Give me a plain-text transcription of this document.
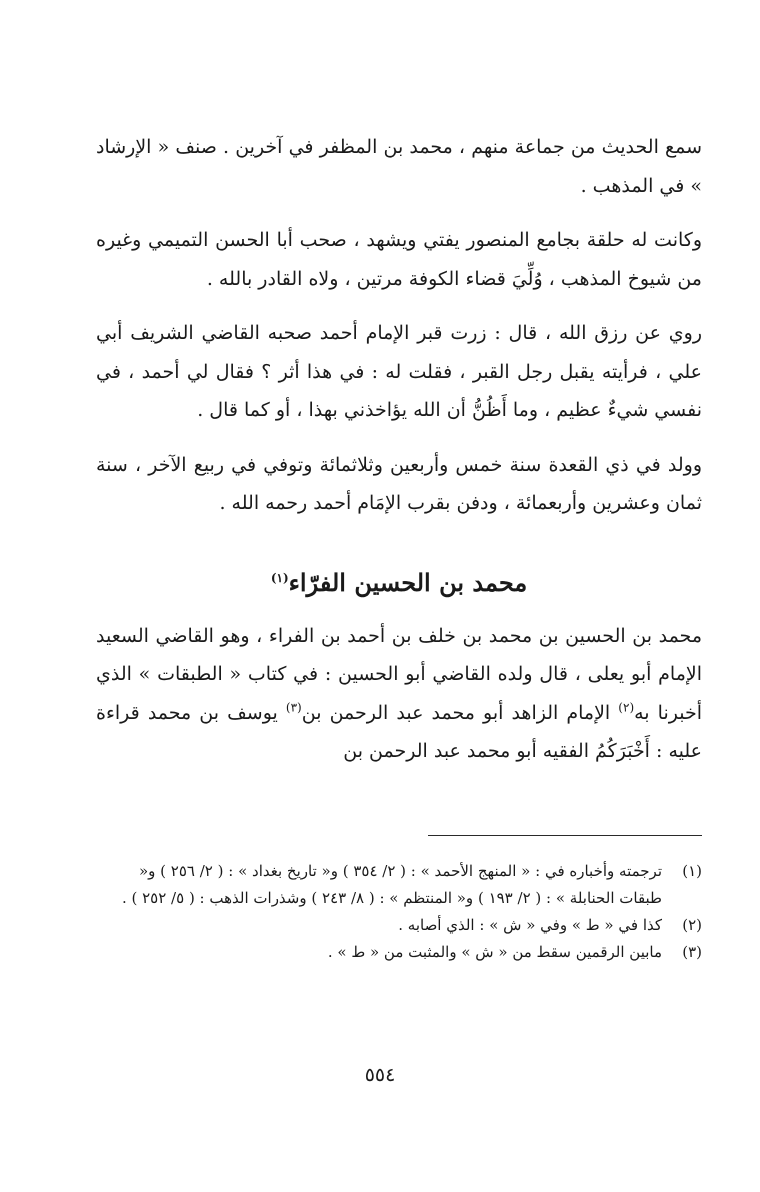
سمع الحديث من جماعة منهم ، محمد بن المظفر في آخرين . صنف « الإرشاد » في المذهب .

وكانت له حلقة بجامع المنصور يفتي ويشهد ، صحب أبا الحسن التميمي وغيره من شيوخ المذهب ، وُلِّيَ قضاء الكوفة مرتين ، ولاه القادر بالله .

روي عن رزق الله ، قال : زرت قبر الإمام أحمد صحبه القاضي الشريف أبي علي ، فرأيته يقبل رجل القبر ، فقلت له : في هذا أثر ؟ فقال لي أحمد ، في نفسي شيءٌ عظيم ، وما أَظُنُّ أن الله يؤاخذني بهذا ، أو كما قال .

وولد في ذي القعدة سنة خمس وأربعين وثلاثمائة وتوفي في ربيع الآخر ، سنة ثمان وعشرين وأربعمائة ، ودفن بقرب الإمَام أحمد رحمه الله .

محمد بن الحسين الفرّاء$^{(١)}$

محمد بن الحسين بن محمد بن خلف بن أحمد بن الفراء ، وهو القاضي السعيد الإمام أبو يعلى ، قال ولده القاضي أبو الحسين : في كتاب « الطبقات » الذي أخبرنا به$^{(٢)}$ الإمام الزاهد أبو محمد عبد الرحمن بن$^{(٣)}$ يوسف بن محمد قراءة عليه : أَخْبَرَكُمُ الفقيه أبو محمد عبد الرحمن بن

(١)
ترجمته وأخباره في : « المنهج الأحمد » : ( ٢/ ٣٥٤ ) و« تاريخ بغداد » : ( ٢/ ٢٥٦ ) و« طبقات الحنابلة » : ( ٢/ ١٩٣ ) و« المنتظم » : ( ٨/ ٢٤٣ ) وشذرات الذهب : ( ٥/ ٢٥٢ ) .
(٢)
كذا في « ط » وفي « ش » : الذي أصابه .
(٣)
مابين الرقمين سقط من « ش » والمثبت من « ط » .
٥٥٤
